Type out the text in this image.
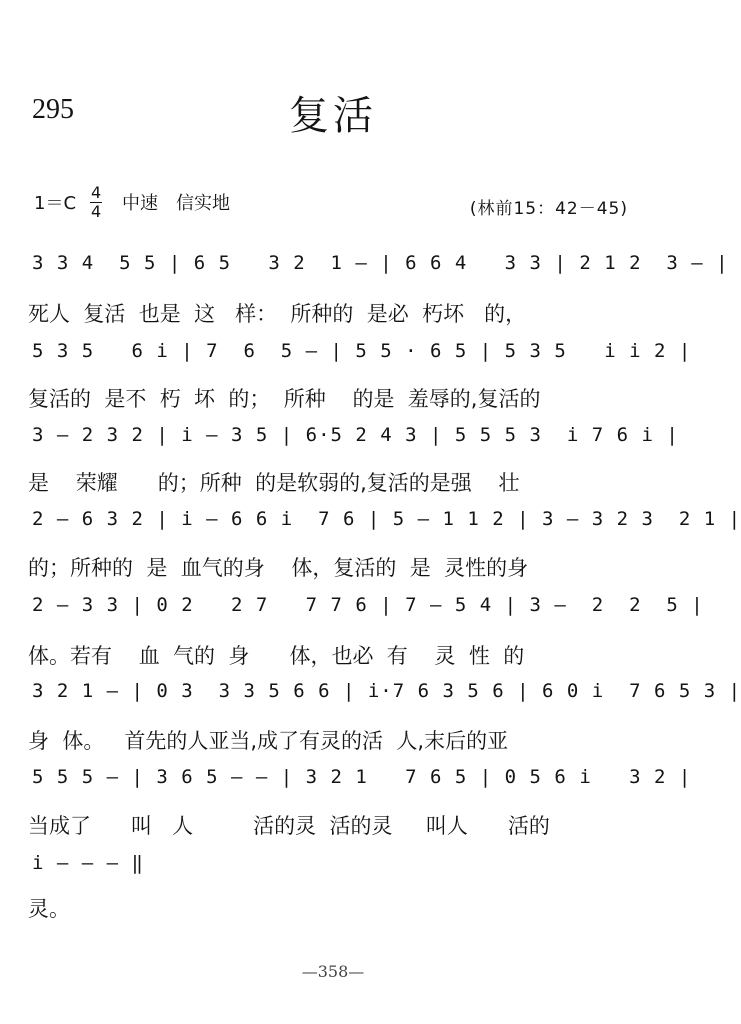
295	复活
1＝C
4
4 中速 信实地	(林前15：42－45)
3 3 4  5 5 | 6 5   3 2  1 – | 6 6 4   3 3 | 2 1 2  3 – |
死人  复活  也是  这   样：  所种的  是必  朽坏   的，
5 3 5   6 i | 7  6  5 – | 5 5 · 6 5 | 5 3 5   i i 2 |
复活的  是不  朽  坏  的；  所种    的是  羞辱的,复活的
3 – 2 3 2 | i – 3 5 | 6·5 2 4 3 | 5 5 5 3  i 7 6 i |
是    荣耀      的；所种  的是软弱的,复活的是强    壮
2 – 6 3 2 | i – 6 6 i  7 6 | 5 – 1 1 2 | 3 – 3 2 3  2 1 |
的；所种的  是  血气的身    体，复活的  是  灵性的身
2 – 3 3 | 0 2   2 7   7 7 6 | 7 – 5 4 | 3 –  2  2  5 |
体。若有    血  气的  身      体，也必  有    灵  性  的
3 2 1 – | 0 3  3 3 5 6 6 | i·7 6 3 5 6 | 6 0 i  7 6 5 3 |
身  体。   首先的人亚当,成了有灵的活  人,末后的亚
5 5 5 – | 3 6 5 – – | 3 2 1   7 6 5 | 0 5 6 i   3 2 |
当成了      叫   人         活的灵  活的灵     叫人      活的
i – – – ‖
灵。
—358—
